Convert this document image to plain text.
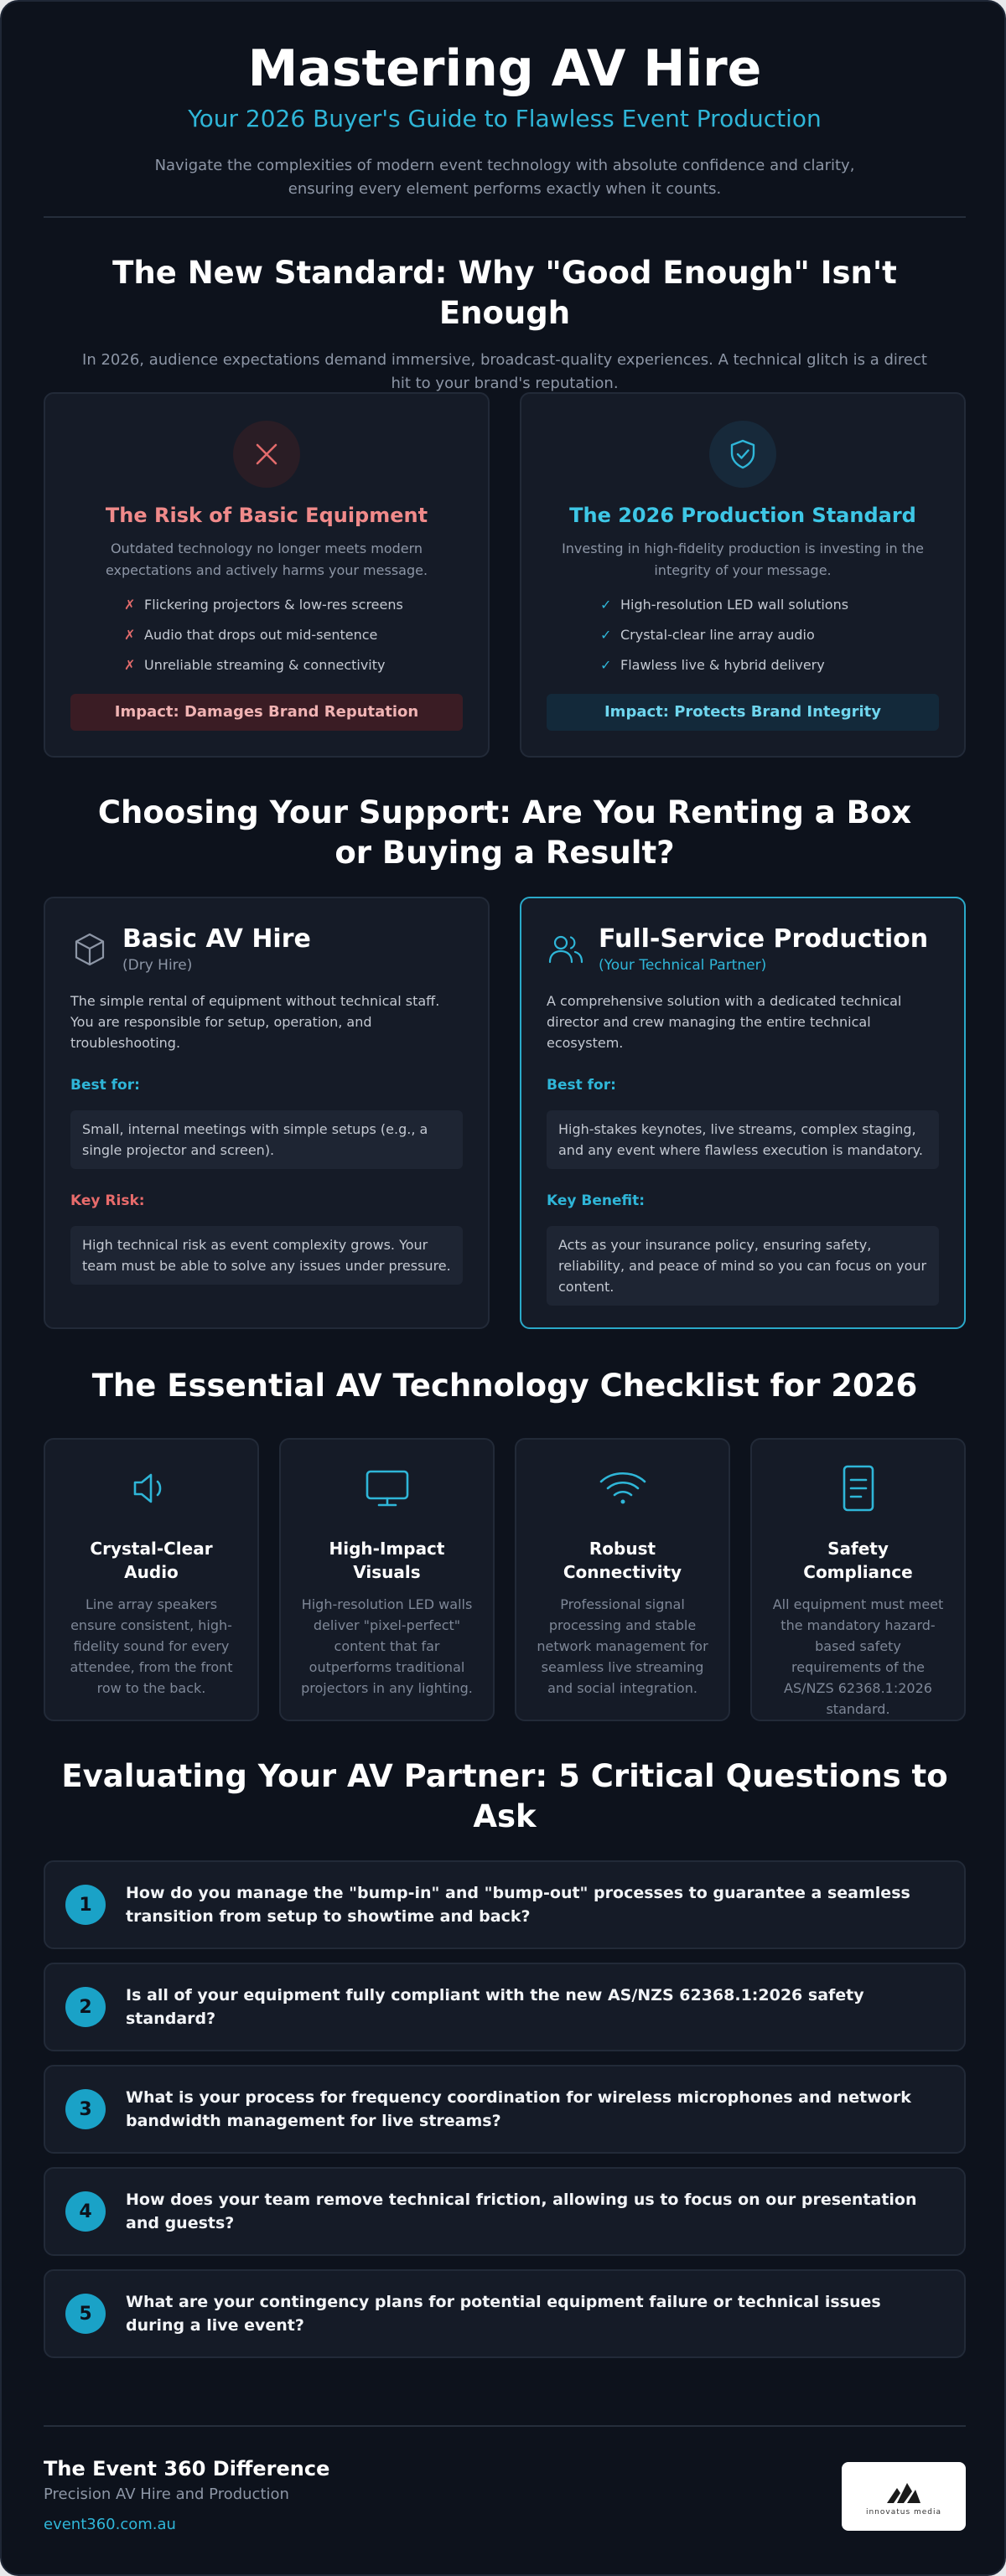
Mastering AV Hire
Your 2026 Buyer's Guide to Flawless Event Production
Navigate the complexities of modern event technology with absolute confidence and clarity, ensuring every element performs exactly when it counts.
The New Standard: Why "Good Enough" Isn't Enough
In 2026, audience expectations demand immersive, broadcast-quality experiences. A technical glitch is a direct hit to your brand's reputation.
The Risk of Basic Equipment
Outdated technology no longer meets modern expectations and actively harms your message.
✗ Flickering projectors & low-res screens
✗ Audio that drops out mid-sentence
✗ Unreliable streaming & connectivity
Impact: Damages Brand Reputation
The 2026 Production Standard
Investing in high-fidelity production is investing in the integrity of your message.
✓ High-resolution LED wall solutions
✓ Crystal-clear line array audio
✓ Flawless live & hybrid delivery
Impact: Protects Brand Integrity
Choosing Your Support: Are You Renting a Box or Buying a Result?
Basic AV Hire
(Dry Hire)
The simple rental of equipment without technical staff. You are responsible for setup, operation, and troubleshooting.
Best for:
Small, internal meetings with simple setups (e.g., a single projector and screen).
Key Risk:
High technical risk as event complexity grows. Your team must be able to solve any issues under pressure.
Full-Service Production
(Your Technical Partner)
A comprehensive solution with a dedicated technical director and crew managing the entire technical ecosystem.
Best for:
High-stakes keynotes, live streams, complex staging, and any event where flawless execution is mandatory.
Key Benefit:
Acts as your insurance policy, ensuring safety, reliability, and peace of mind so you can focus on your content.
The Essential AV Technology Checklist for 2026
Crystal-Clear Audio
Line array speakers ensure consistent, high-fidelity sound for every attendee, from the front row to the back.
High-Impact Visuals
High-resolution LED walls deliver "pixel-perfect" content that far outperforms traditional projectors in any lighting.
Robust Connectivity
Professional signal processing and stable network management for seamless live streaming and social integration.
Safety Compliance
All equipment must meet the mandatory hazard-based safety requirements of the AS/NZS 62368.1:2026 standard.
Evaluating Your AV Partner: 5 Critical Questions to Ask
1
How do you manage the "bump-in" and "bump-out" processes to guarantee a seamless transition from setup to showtime and back?
2
Is all of your equipment fully compliant with the new AS/NZS 62368.1:2026 safety standard?
3
What is your process for frequency coordination for wireless microphones and network bandwidth management for live streams?
4
How does your team remove technical friction, allowing us to focus on our presentation and guests?
5
What are your contingency plans for potential equipment failure or technical issues during a live event?
The Event 360 Difference
Precision AV Hire and Production
event360.com.au
innovatus media
